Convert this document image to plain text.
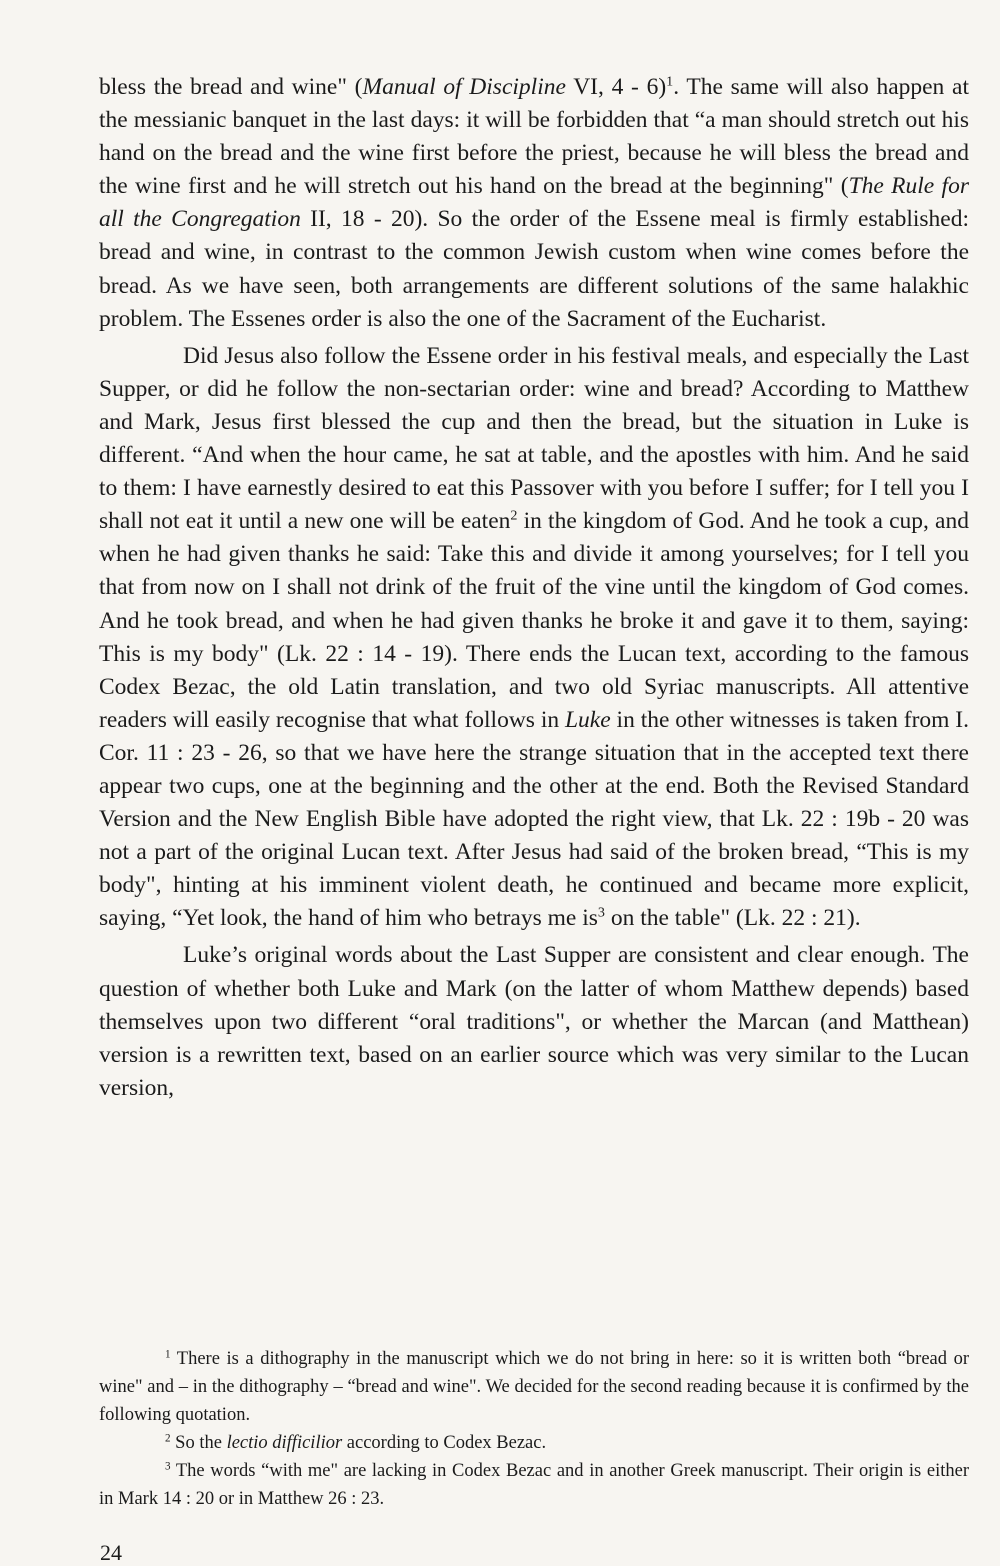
bless the bread and wine" (Manual of Discipline VI, 4 - 6)$^1$. The same will also happen at the messianic banquet in the last days: it will be forbidden that “a man should stretch out his hand on the bread and the wine first before the priest, because he will bless the bread and the wine first and he will stretch out his hand on the bread at the beginning" (The Rule for all the Congregation II, 18 - 20). So the order of the Essene meal is firmly established: bread and wine, in contrast to the common Jewish custom when wine comes before the bread. As we have seen, both arrangements are different solutions of the same halakhic problem. The Essenes order is also the one of the Sacrament of the Eucharist.

Did Jesus also follow the Essene order in his festival meals, and especially the Last Supper, or did he follow the non-sectarian order: wine and bread? According to Matthew and Mark, Jesus first blessed the cup and then the bread, but the situation in Luke is different. “And when the hour came, he sat at table, and the apostles with him. And he said to them: I have earnestly desired to eat this Passover with you before I suffer; for I tell you I shall not eat it until a new one will be eaten$^2$ in the kingdom of God. And he took a cup, and when he had given thanks he said: Take this and divide it among yourselves; for I tell you that from now on I shall not drink of the fruit of the vine until the kingdom of God comes. And he took bread, and when he had given thanks he broke it and gave it to them, saying: This is my body" (Lk. 22 : 14 - 19). There ends the Lucan text, according to the famous Codex Bezac, the old Latin translation, and two old Syriac manuscripts. All attentive readers will easily recognise that what follows in Luke in the other witnesses is taken from I. Cor. 11 : 23 - 26, so that we have here the strange situation that in the accepted text there appear two cups, one at the beginning and the other at the end. Both the Revised Standard Version and the New English Bible have adopted the right view, that Lk. 22 : 19b - 20 was not a part of the original Lucan text. After Jesus had said of the broken bread, “This is my body", hinting at his imminent violent death, he continued and became more explicit, saying, “Yet look, the hand of him who betrays me $is^3$ on the table" (Lk. 22 : 21).

Luke’s original words about the Last Supper are consistent and clear enough. The question of whether both Luke and Mark (on the latter of whom Matthew depends) based themselves upon two different “oral traditions", or whether the Marcan (and Matthean) version is a rewritten text, based on an earlier source which was very similar to the Lucan version,

$^1$ There is a dithography in the manuscript which we do not bring in here: so it is written both “bread or wine" and – in the dithography – “bread and wine". We decided for the second reading because it is confirmed by the following quotation.

$^2$ So the lectio difficilior according to Codex Bezac.

$^3$ The words “with me" are lacking in Codex Bezac and in another Greek manuscript. Their origin is either in Mark 14 : 20 or in Matthew 26 : 23.

24
